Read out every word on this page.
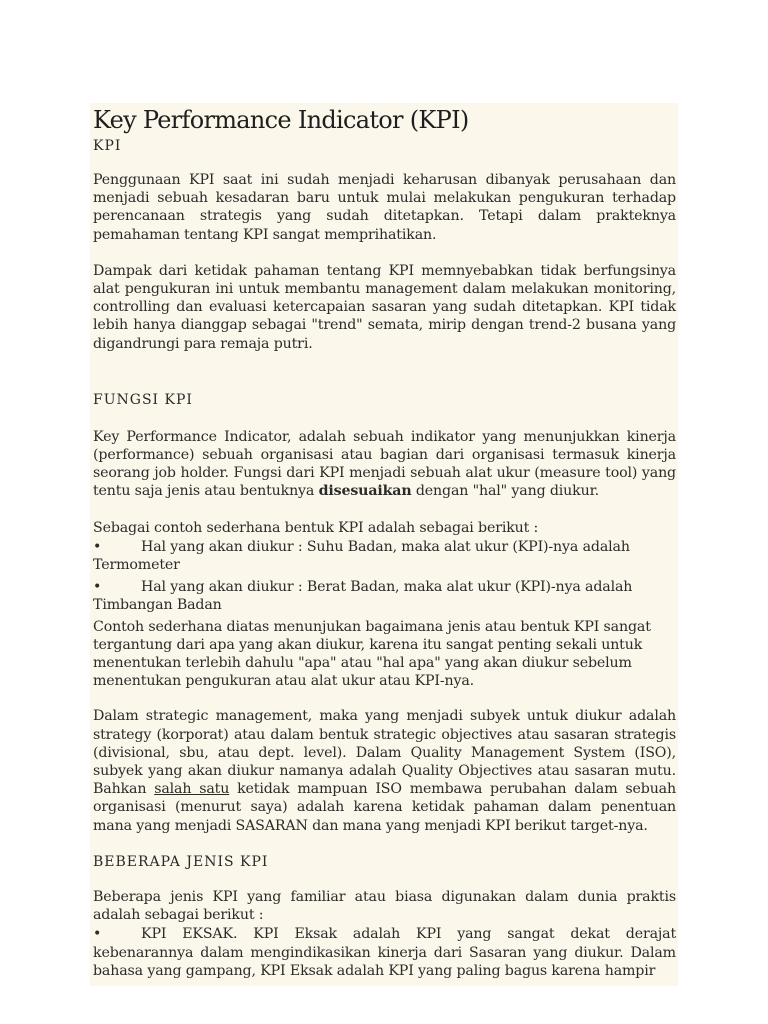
Key Performance Indicator (KPI)
KPI

Penggunaan KPI saat ini sudah menjadi keharusan dibanyak perusahaan dan menjadi sebuah kesadaran baru untuk mulai melakukan pengukuran terhadap perencanaan strategis yang sudah ditetapkan. Tetapi dalam prakteknya pemahaman tentang KPI sangat memprihatikan.

Dampak dari ketidak pahaman tentang KPI memnyebabkan tidak berfungsinya alat pengukuran ini untuk membantu management dalam melakukan monitoring, controlling dan evaluasi ketercapaian sasaran yang sudah ditetapkan. KPI tidak lebih hanya dianggap sebagai "trend" semata, mirip dengan trend-2 busana yang digandrungi para remaja putri.

FUNGSI KPI

Key Performance Indicator, adalah sebuah indikator yang menunjukkan kinerja (performance) sebuah organisasi atau bagian dari organisasi termasuk kinerja seorang job holder. Fungsi dari KPI menjadi sebuah alat ukur (measure tool) yang tentu saja jenis atau bentuknya disesuaikan dengan "hal" yang diukur.

Sebagai contoh sederhana bentuk KPI adalah sebagai berikut :

•	Hal yang akan diukur : Suhu Badan, maka alat ukur (KPI)-nya adalah Termometer

•	Hal yang akan diukur : Berat Badan, maka alat ukur (KPI)-nya adalah Timbangan Badan

Contoh sederhana diatas menunjukan bagaimana jenis atau bentuk KPI sangat tergantung dari apa yang akan diukur, karena itu sangat penting sekali untuk menentukan terlebih dahulu "apa" atau "hal apa" yang akan diukur sebelum menentukan pengukuran atau alat ukur atau KPI-nya.

Dalam strategic management, maka yang menjadi subyek untuk diukur adalah strategy (korporat) atau dalam bentuk strategic objectives atau sasaran strategis (divisional, sbu, atau dept. level). Dalam Quality Management System (ISO), subyek yang akan diukur namanya adalah Quality Objectives atau sasaran mutu. Bahkan salah satu ketidak mampuan ISO membawa perubahan dalam sebuah organisasi (menurut saya) adalah karena ketidak pahaman dalam penentuan mana yang menjadi SASARAN dan mana yang menjadi KPI berikut target-nya.

BEBERAPA JENIS KPI

Beberapa jenis KPI yang familiar atau biasa digunakan dalam dunia praktis adalah sebagai berikut :

•	KPI EKSAK. KPI Eksak adalah KPI yang sangat dekat derajat kebenarannya dalam mengindikasikan kinerja dari Sasaran yang diukur. Dalam bahasa yang gampang, KPI Eksak adalah KPI yang paling bagus karena hampir
